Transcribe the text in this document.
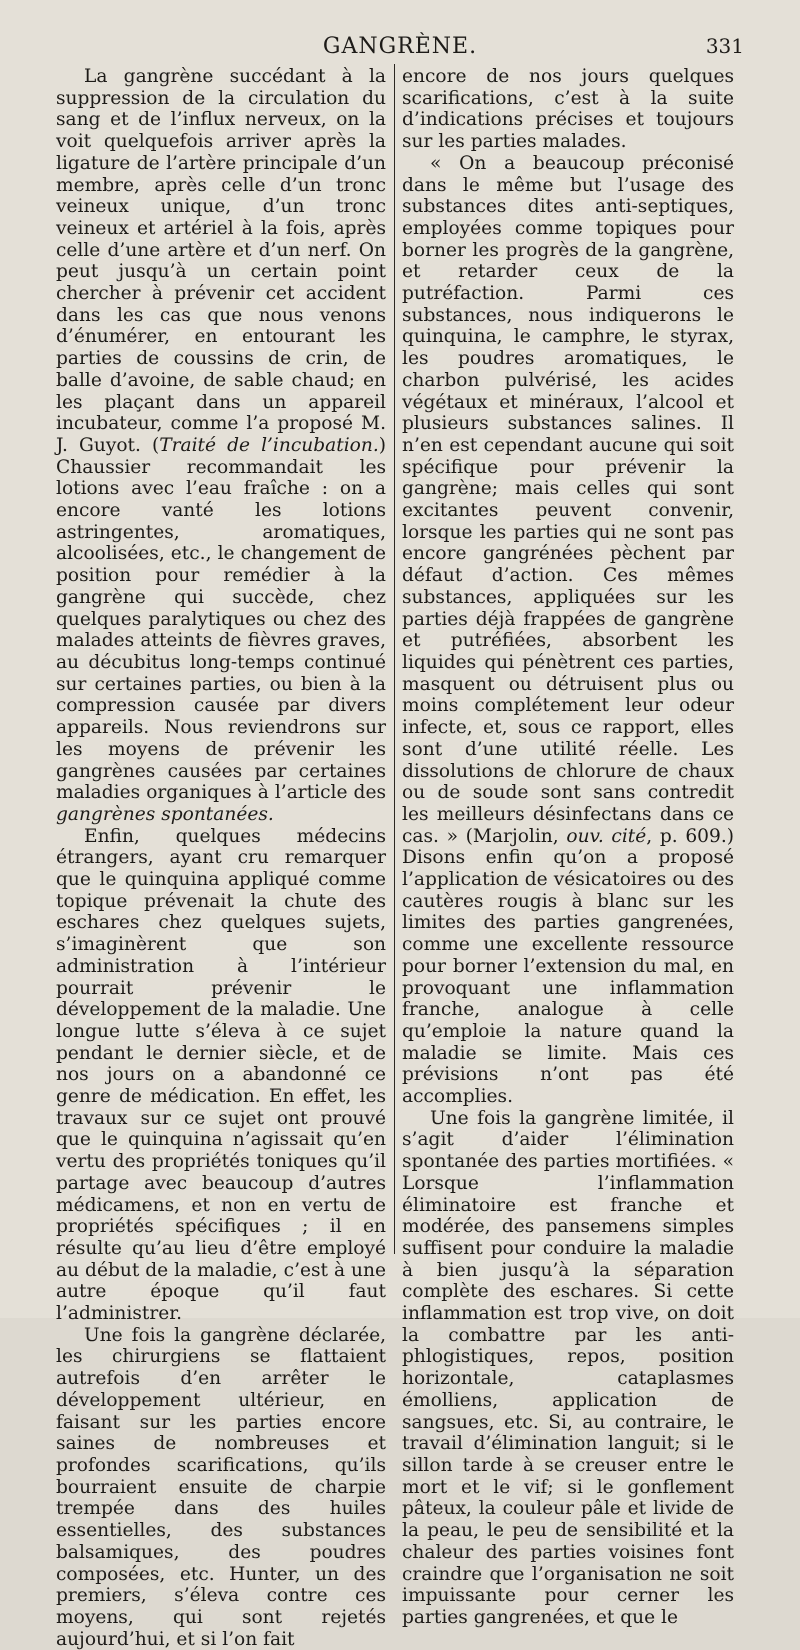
GANGRÈNE.	331

La gangrène succédant à la suppression de la circulation du sang et de l’influx nerveux, on la voit quelquefois arriver après la ligature de l’artère principale d’un membre, après celle d’un tronc veineux unique, d’un tronc veineux et artériel à la fois, après celle d’une artère et d’un nerf. On peut jusqu’à un certain point chercher à prévenir cet accident dans les cas que nous venons d’énumérer, en entourant les parties de coussins de crin, de balle d’avoine, de sable chaud; en les plaçant dans un appareil incubateur, comme l’a proposé M. J. Guyot. (Traité de l’incubation.) Chaussier recommandait les lotions avec l’eau fraîche : on a encore vanté les lotions astringentes, aromatiques, alcoolisées, etc., le changement de position pour remédier à la gangrène qui succède, chez quelques paralytiques ou chez des malades atteints de fièvres graves, au décubitus long-temps continué sur certaines parties, ou bien à la compression causée par divers appareils. Nous reviendrons sur les moyens de prévenir les gangrènes causées par certaines maladies organiques à l’article des gangrènes spontanées.

Enfin, quelques médecins étrangers, ayant cru remarquer que le quinquina appliqué comme topique prévenait la chute des eschares chez quelques sujets, s’imaginèrent que son administration à l’intérieur pourrait prévenir le développement de la maladie. Une longue lutte s’éleva à ce sujet pendant le dernier siècle, et de nos jours on a abandonné ce genre de médication. En effet, les travaux sur ce sujet ont prouvé que le quinquina n’agissait qu’en vertu des propriétés toniques qu’il partage avec beaucoup d’autres médicamens, et non en vertu de propriétés spécifiques ; il en résulte qu’au lieu d’être employé au début de la maladie, c’est à une autre époque qu’il faut l’administrer.

Une fois la gangrène déclarée, les chirurgiens se flattaient autrefois d’en arrêter le développement ultérieur, en faisant sur les parties encore saines de nombreuses et profondes scarifications, qu’ils bourraient ensuite de charpie trempée dans des huiles essentielles, des substances balsamiques, des poudres composées, etc. Hunter, un des premiers, s’éleva contre ces moyens, qui sont rejetés aujourd’hui, et si l’on fait

encore de nos jours quelques scarifications, c’est à la suite d’indications précises et toujours sur les parties malades.

« On a beaucoup préconisé dans le même but l’usage des substances dites anti-septiques, employées comme topiques pour borner les progrès de la gangrène, et retarder ceux de la putréfaction. Parmi ces substances, nous indiquerons le quinquina, le camphre, le styrax, les poudres aromatiques, le charbon pulvérisé, les acides végétaux et minéraux, l’alcool et plusieurs substances salines. Il n’en est cependant aucune qui soit spécifique pour prévenir la gangrène; mais celles qui sont excitantes peuvent convenir, lorsque les parties qui ne sont pas encore gangrénées pèchent par défaut d’action. Ces mêmes substances, appliquées sur les parties déjà frappées de gangrène et putréfiées, absorbent les liquides qui pénètrent ces parties, masquent ou détruisent plus ou moins complétement leur odeur infecte, et, sous ce rapport, elles sont d’une utilité réelle. Les dissolutions de chlorure de chaux ou de soude sont sans contredit les meilleurs désinfectans dans ce cas. » (Marjolin, ouv. cité, p. 609.) Disons enfin qu’on a proposé l’application de vésicatoires ou des cautères rougis à blanc sur les limites des parties gangrenées, comme une excellente ressource pour borner l’extension du mal, en provoquant une inflammation franche, analogue à celle qu’emploie la nature quand la maladie se limite. Mais ces prévisions n’ont pas été accomplies.

Une fois la gangrène limitée, il s’agit d’aider l’élimination spontanée des parties mortifiées. « Lorsque l’inflammation éliminatoire est franche et modérée, des pansemens simples suffisent pour conduire la maladie à bien jusqu’à la séparation complète des eschares. Si cette inflammation est trop vive, on doit la combattre par les anti-phlogistiques, repos, position horizontale, cataplasmes émolliens, application de sangsues, etc. Si, au contraire, le travail d’élimination languit; si le sillon tarde à se creuser entre le mort et le vif; si le gonflement pâteux, la couleur pâle et livide de la peau, le peu de sensibilité et la chaleur des parties voisines font craindre que l’organisation ne soit impuissante pour cerner les parties gangrenées, et que le
